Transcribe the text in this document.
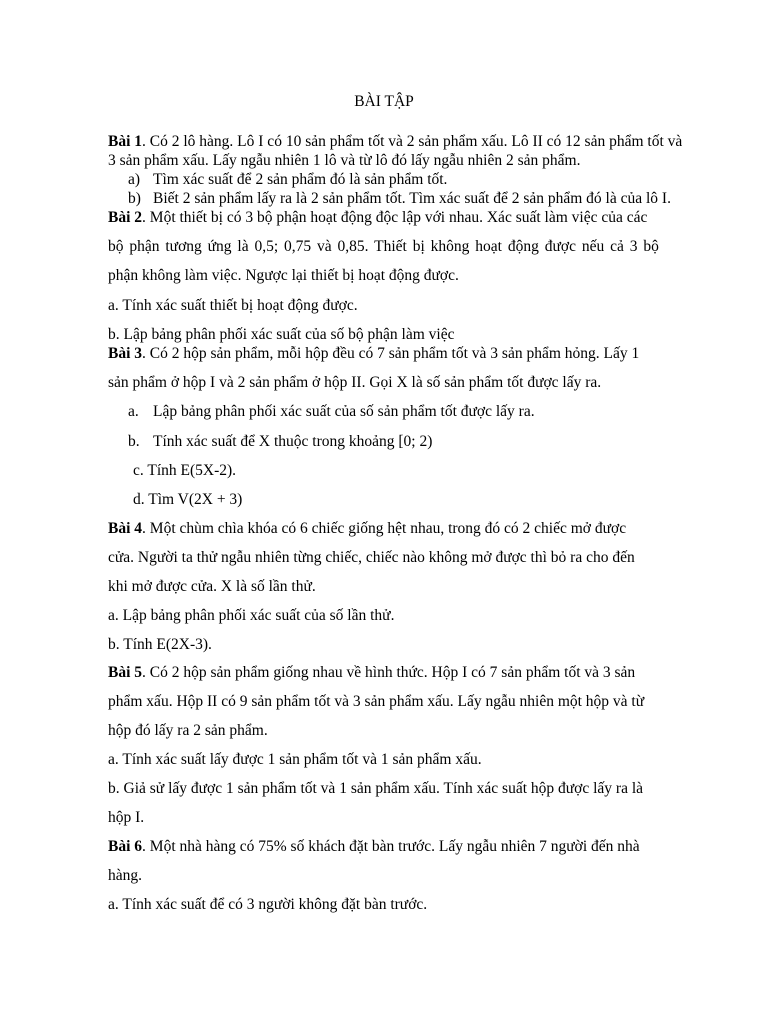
BÀI TẬP
Bài 1. Có 2 lô hàng. Lô I có 10 sản phẩm tốt và 2 sản phẩm xấu. Lô II có 12 sản phẩm tốt và
3 sản phẩm xấu. Lấy ngẫu nhiên 1 lô và từ lô đó lấy ngẫu nhiên 2 sản phẩm.
a) Tìm xác suất để 2 sản phẩm đó là sản phẩm tốt.
b) Biết 2 sản phẩm lấy ra là 2 sản phẩm tốt. Tìm xác suất để 2 sản phẩm đó là của lô I.
Bài 2. Một thiết bị có 3 bộ phận hoạt động độc lập với nhau. Xác suất làm việc của các
bộ phận tương ứng là 0,5; 0,75 và 0,85. Thiết bị không hoạt động được nếu cả 3 bộ
phận không làm việc. Ngược lại thiết bị hoạt động được.
a. Tính xác suất thiết bị hoạt động được.
b. Lập bảng phân phối xác suất của số bộ phận làm việc
Bài 3. Có 2 hộp sản phẩm, mỗi hộp đều có 7 sản phẩm tốt và 3 sản phẩm hỏng. Lấy 1
sản phẩm ở hộp I và 2 sản phẩm ở hộp II. Gọi X là số sản phẩm tốt được lấy ra.
a. Lập bảng phân phối xác suất của số sản phẩm tốt được lấy ra.
b. Tính xác suất để X thuộc trong khoảng [0; 2)
c. Tính E(5X-2).
d. Tìm V(2X + 3)
Bài 4. Một chùm chìa khóa có 6 chiếc giống hệt nhau, trong đó có 2 chiếc mở được
cửa. Người ta thử ngẫu nhiên từng chiếc, chiếc nào không mở được thì bỏ ra cho đến
khi mở được cửa. X là số lần thử.
a. Lập bảng phân phối xác suất của số lần thử.
b. Tính E(2X-3).
Bài 5. Có 2 hộp sản phẩm giống nhau về hình thức. Hộp I có 7 sản phẩm tốt và 3 sản
phẩm xấu. Hộp II có 9 sản phẩm tốt và 3 sản phẩm xấu. Lấy ngẫu nhiên một hộp và từ
hộp đó lấy ra 2 sản phẩm.
a. Tính xác suất lấy được 1 sản phẩm tốt và 1 sản phẩm xấu.
b. Giả sử lấy được 1 sản phẩm tốt và 1 sản phẩm xấu. Tính xác suất hộp được lấy ra là
hộp I.
Bài 6. Một nhà hàng có 75% số khách đặt bàn trước. Lấy ngẫu nhiên 7 người đến nhà
hàng.
a. Tính xác suất để có 3 người không đặt bàn trước.
